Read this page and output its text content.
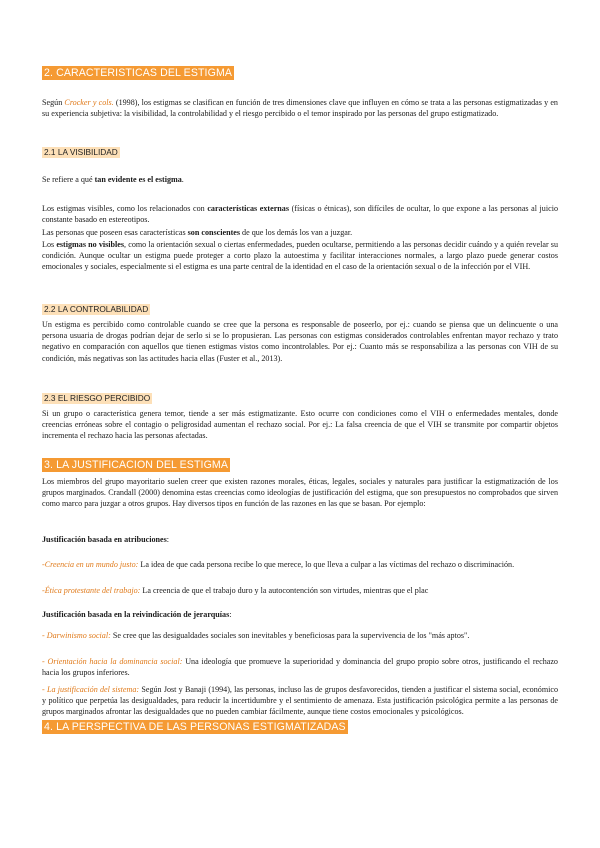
2. CARACTERISTICAS DEL ESTIGMA

Según Crocker y cols. (1998), los estigmas se clasifican en función de tres dimensiones clave que influyen en cómo se trata a las personas estigmatizadas y en su experiencia subjetiva: la visibilidad, la controlabilidad y el riesgo percibido o el temor inspirado por las personas del grupo estigmatizado.

2.1 LA VISIBILIDAD

Se refiere a qué tan evidente es el estigma.

Los estigmas visibles, como los relacionados con características externas (físicas o étnicas), son difíciles de ocultar, lo que expone a las personas al juicio constante basado en estereotipos.

Las personas que poseen esas características son conscientes de que los demás los van a juzgar.

Los estigmas no visibles, como la orientación sexual o ciertas enfermedades, pueden ocultarse, permitiendo a las personas decidir cuándo y a quién revelar su condición. Aunque ocultar un estigma puede proteger a corto plazo la autoestima y facilitar interacciones normales, a largo plazo puede generar costos emocionales y sociales, especialmente si el estigma es una parte central de la identidad en el caso de la orientación sexual o de la infección por el VIH.

2.2 LA CONTROLABILIDAD

Un estigma es percibido como controlable cuando se cree que la persona es responsable de poseerlo, por ej.: cuando se piensa que un delincuente o una persona usuaria de drogas podrían dejar de serlo si se lo propusieran. Las personas con estigmas considerados controlables enfrentan mayor rechazo y trato negativo en comparación con aquellos que tienen estigmas vistos como incontrolables. Por ej.: Cuanto más se responsabiliza a las personas con VIH de su condición, más negativas son las actitudes hacia ellas (Fuster et al., 2013).

2.3 EL RIESGO PERCIBIDO

Si un grupo o característica genera temor, tiende a ser más estigmatizante. Esto ocurre con condiciones como el VIH o enfermedades mentales, donde creencias erróneas sobre el contagio o peligrosidad aumentan el rechazo social. Por ej.: La falsa creencia de que el VIH se transmite por compartir objetos incrementa el rechazo hacia las personas afectadas.

3. LA JUSTIFICACION DEL ESTIGMA

Los miembros del grupo mayoritario suelen creer que existen razones morales, éticas, legales, sociales y naturales para justificar la estigmatización de los grupos marginados. Crandall (2000) denomina estas creencias como ideologías de justificación del estigma, que son presupuestos no comprobados que sirven como marco para juzgar a otros grupos. Hay diversos tipos en función de las razones en las que se basan. Por ejemplo:

Justificación basada en atribuciones:

-Creencia en un mundo justo: La idea de que cada persona recibe lo que merece, lo que lleva a culpar a las víctimas del rechazo o discriminación.

-Ética protestante del trabajo: La creencia de que el trabajo duro y la autocontención son virtudes, mientras que el plac

Justificación basada en la reivindicación de jerarquías:

- Darwinismo social: Se cree que las desigualdades sociales son inevitables y beneficiosas para la supervivencia de los "más aptos".

- Orientación hacia la dominancia social: Una ideología que promueve la superioridad y dominancia del grupo propio sobre otros, justificando el rechazo hacia los grupos inferiores.

- La justificación del sistema: Según Jost y Banaji (1994), las personas, incluso las de grupos desfavorecidos, tienden a justificar el sistema social, económico y político que perpetúa las desigualdades, para reducir la incertidumbre y el sentimiento de amenaza. Esta justificación psicológica permite a las personas de grupos marginados afrontar las desigualdades que no pueden cambiar fácilmente, aunque tiene costos emocionales y psicológicos.

4. LA PERSPECTIVA DE LAS PERSONAS ESTIGMATIZADAS
